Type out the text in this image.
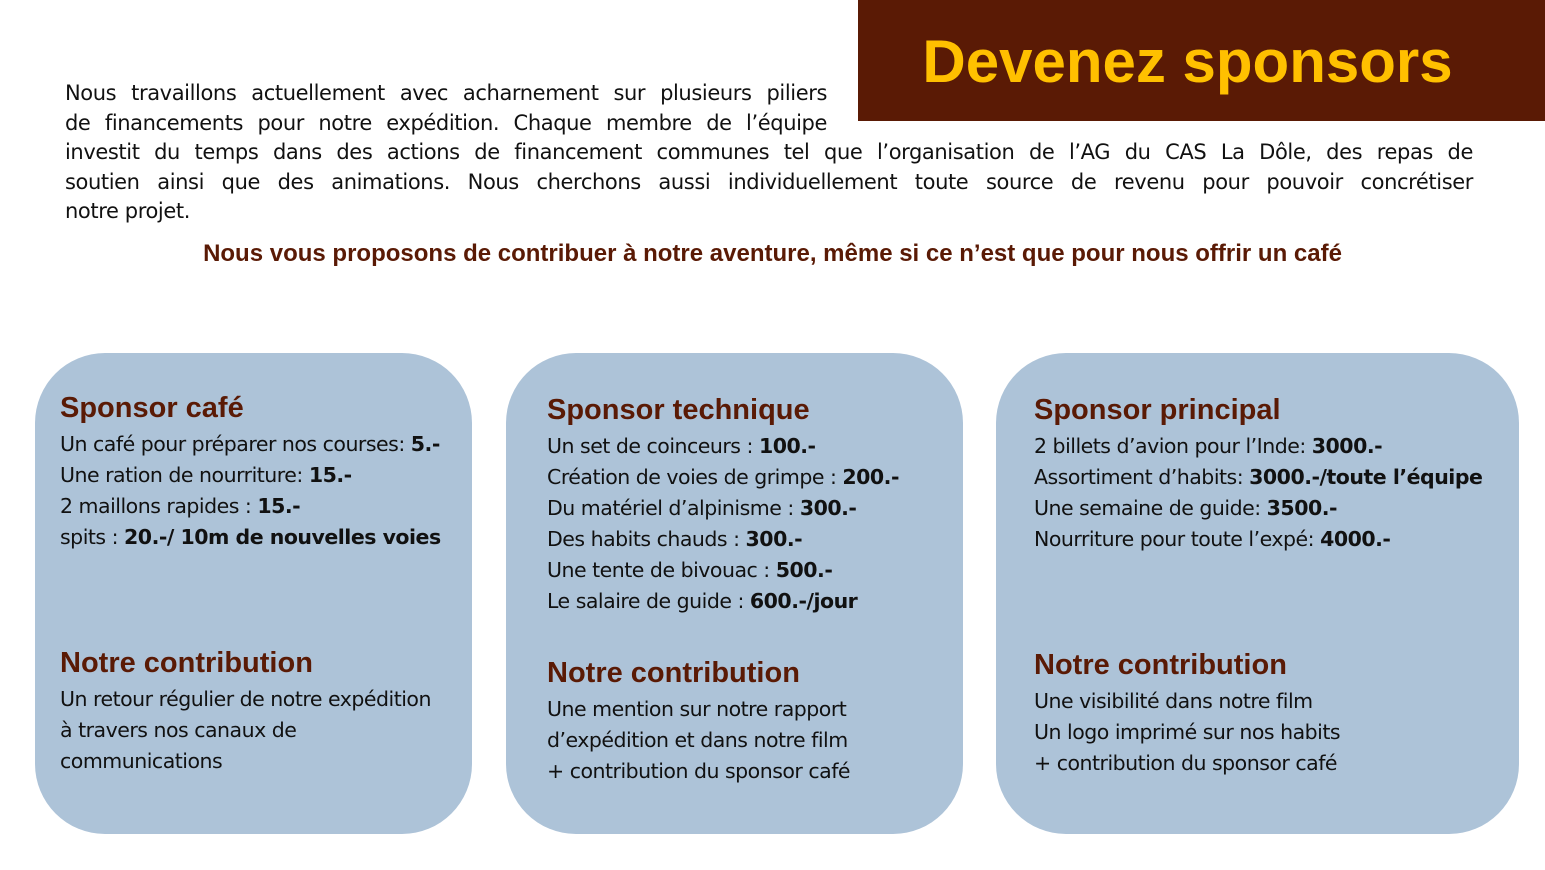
Devenez sponsors
Nous travaillons actuellement avec acharnement sur plusieurs piliers
de financements pour notre expédition. Chaque membre de l’équipe
investit du temps dans des actions de financement communes tel que l’organisation de l’AG du CAS La Dôle, des repas de
soutien ainsi que des animations. Nous cherchons aussi individuellement toute source de revenu pour pouvoir concrétiser
notre projet.
Nous vous proposons de contribuer à notre aventure, même si ce n’est que pour nous offrir un café
Sponsor café
Un café pour préparer nos courses: 5.-
Une ration de nourriture: 15.-
2 maillons rapides : 15.-
spits : 20.-/ 10m de nouvelles voies
Notre contribution
Un retour régulier de notre expédition
à travers nos canaux de
communications
Sponsor technique
Un set de coinceurs : 100.-
Création de voies de grimpe : 200.-
Du matériel d’alpinisme : 300.-
Des habits chauds : 300.-
Une tente de bivouac : 500.-
Le salaire de guide : 600.-/jour
Notre contribution
Une mention sur notre rapport
d’expédition et dans notre film
+ contribution du sponsor café
Sponsor principal
2 billets d’avion pour l’Inde: 3000.-
Assortiment d’habits: 3000.-/toute l’équipe
Une semaine de guide: 3500.-
Nourriture pour toute l’expé: 4000.-
Notre contribution
Une visibilité dans notre film
Un logo imprimé sur nos habits
+ contribution du sponsor café
